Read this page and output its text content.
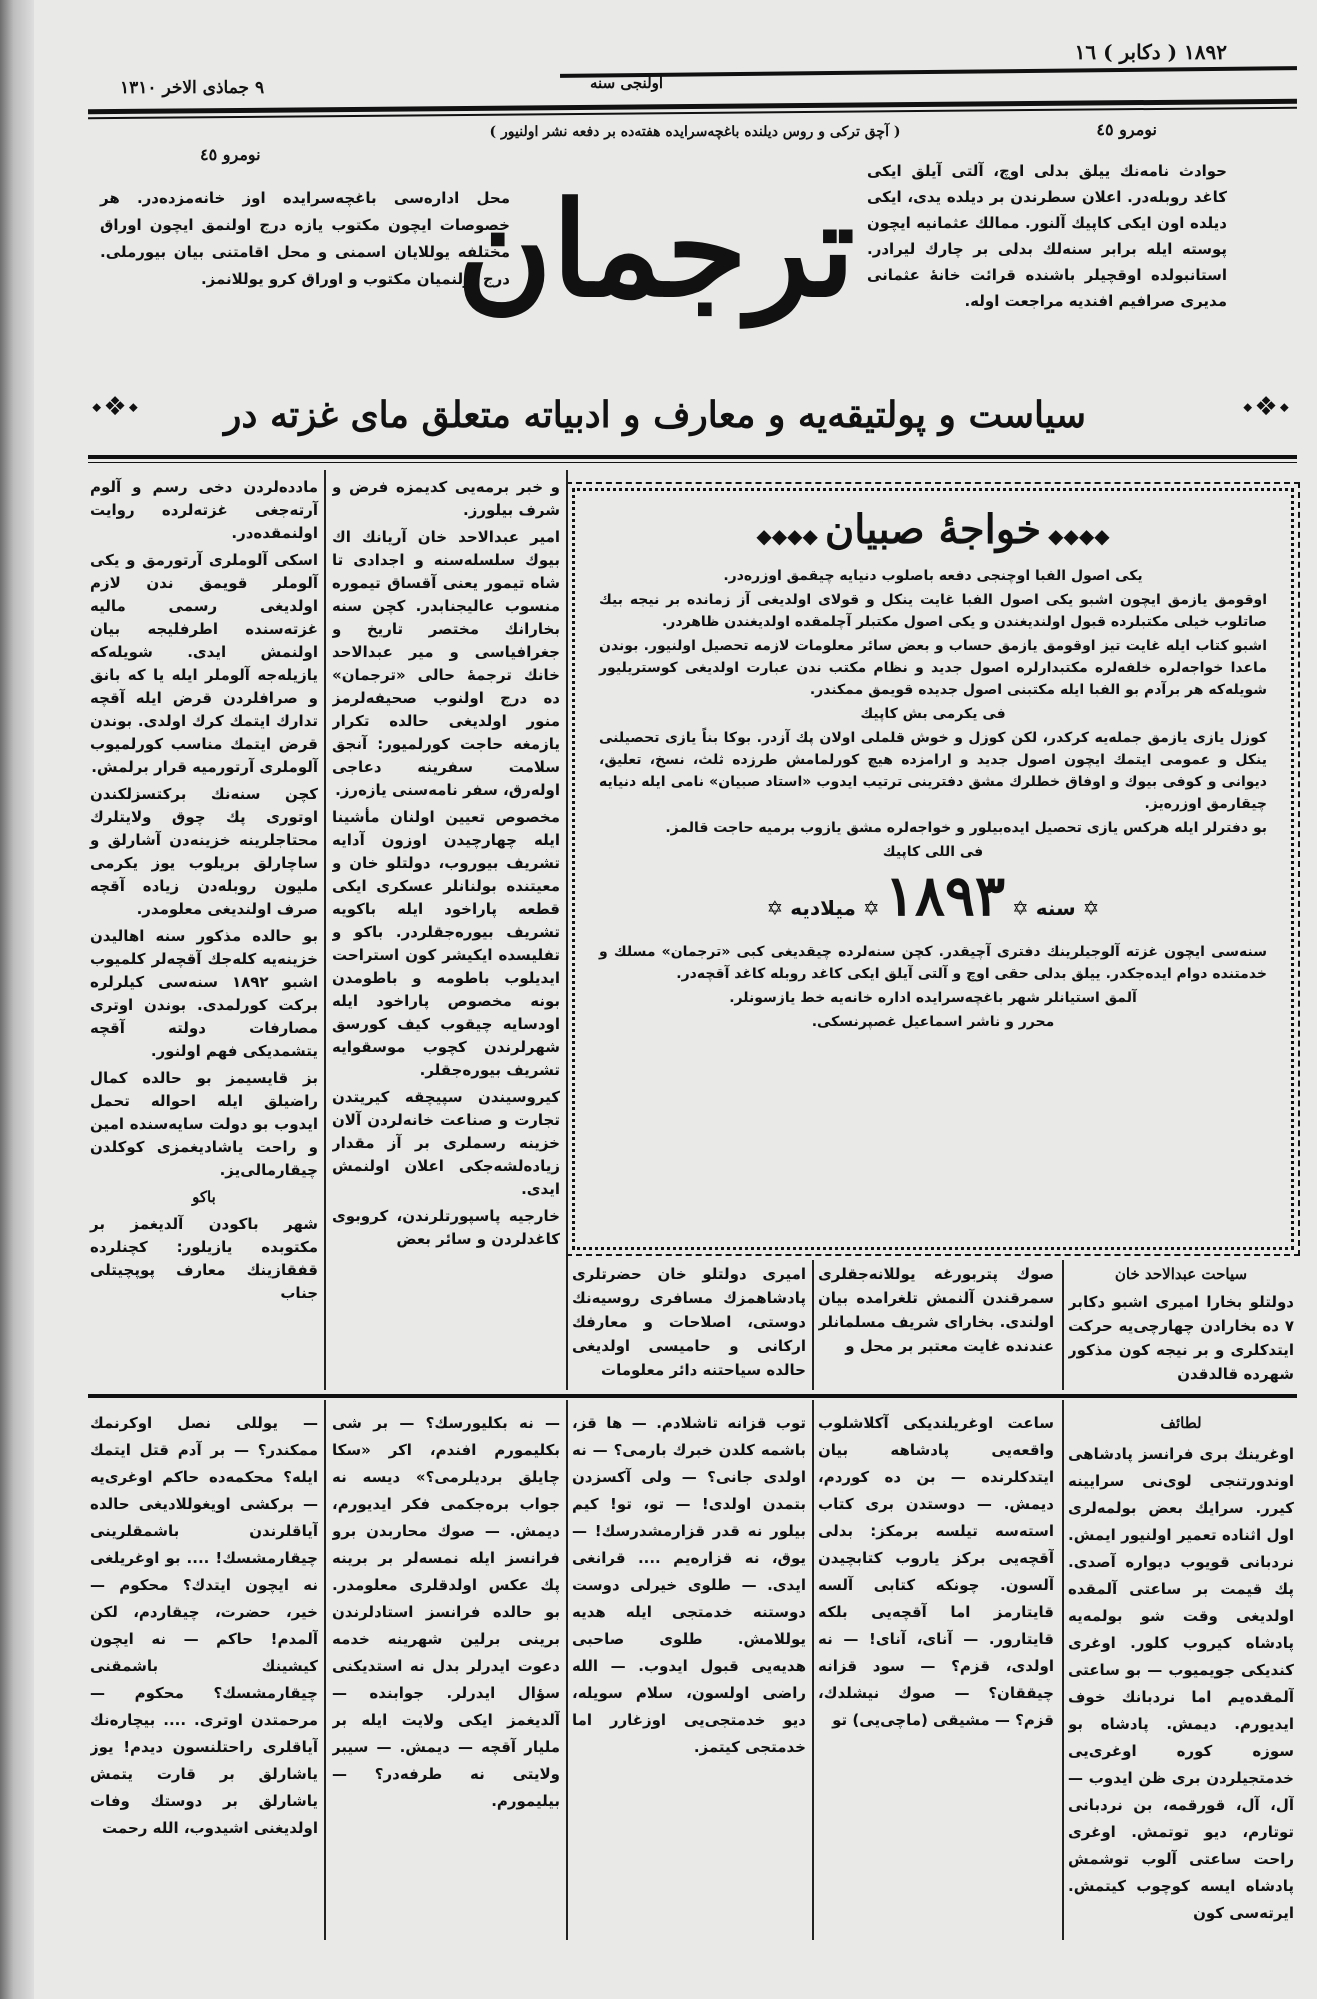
١٨٩٢ ( دكابر ) ١٦
اولنجى سنه
٩ جماذى الاخر ١٣١٠
نومرو ٤٥
( آچق تركى و روس ديلنده باغچه‌سرايده هفته‌ده بر دفعه نشر اولنيور )
نومرو ٤٥
حوادث نامه‌نك ييلق بدلى اوچ، آلتى آيلق ايكى كاغد روبله‌در. اعلان سطرندن بر ديلده يدى، ايكى ديلده اون ايكى كاپيك آلنور. ممالك عثمانيه ايچون پوسته ايله برابر سنه‌لك بدلى بر چارك ليرادر. استانبولده اوقچيلر باشنده قرائت خانهٔ عثمانى مديرى صرافيم افنديه مراجعت اوله.
محل اداره‌سى باغچه‌سرايده اوز خانه‌مزده‌در. هر خصوصات ايچون مكتوب يازه‌ درج اولنمق ايچون اوراق مختلفه يوللايان اسمنى و محل اقامتنى بيان بيورملى. درج اولنميان مكتوب و اوراق كرو يوللانمز.
ترجمان
⬩❖⬩	⬩❖⬩
سياست و پولتيقه‌يه و معارف و ادبياته متعلق ماى غزته در

مادده‌لردن دخى رسم و آلوم آرته‌جغى غزته‌لرده روايت اولنمقده‌در.

اسكى آلوملرى آرتورمق و يكى آلوملر قويمق ندن لازم اولديغى رسمى ماليه غزته‌سنده اطرفليجه بيان اولنمش ايدى. شويله‌كه يازيله‌جه آلوملر ايله يا كه بانق و صرافلردن قرض ايله آقچه تدارك ايتمك كرك اولدى. بوندن قرض ايتمك مناسب كورلميوب آلوملرى آرتورميه قرار برلمش.

كچن سنه‌نك بركتسزلكندن اوتورى پك چوق ولايتلرك محتاجلرينه خزينه‌دن آشارلق و ساچارلق بريلوب يوز يكرمى مليون روبله‌دن زياده آقچه صرف اولنديغى معلومدر.

بو حالده مذكور سنه اهاليدن خزينه‌يه كله‌جك آقچه‌لر كلميوب اشبو ١٨٩٢ سنه‌سى كيلرلره بركت كورلمدى. بوندن اوترى مصارفات دولته آقچه يتشمديكى فهم اولنور.

بز قايسيمز بو حالده كمال راضيلق ايله احواله تحمل ايدوب بو دولت سايه‌سنده امين و راحت ياشاديغمزى كوكلدن چيقارمالى‌يز.

باكو

شهر باكودن آلديغمز بر مكتوبده يازيلور: كچنلرده قفقازينك معارف پوپچيتلى جناب

و خبر برمه‌يى كديمزه فرض و شرف بيلورز.

امير عبدالاحد خان آريانك اك بيوك سلسله‌سنه و اجدادى تا شاه تيمور يعنى آقساق تيموره منسوب عاليجنابدر. كچن سنه بخارانك مختصر تاريخ و جغرافياسى و مير عبدالاحد خانك ترجمهٔ حالى «ترجمان» ده درج اولنوب صحيفه‌لرمز منور اولديغى حالده تكرار يازمغه حاجت كورلميور: آنجق سلامت سفرينه دعاجى اوله‌رق، سفر نامه‌سنى يازه‌رز.

مخصوص تعيين اولنان مأشينا ايله چهارچيدن اوزون آدايه تشريف بيوروب، دولتلو خان و معيتنده بولنانلر عسكرى ايكى قطعه پاراخود ايله باكويه تشريف بيوره‌جقلردر. باكو و تفليسده ايكيشر كون استراحت ايديلوب باطومه و باطومدن بونه مخصوص پاراخود ايله اودسايه چيقوب كيف كورسق شهرلرندن كچوب موسقوايه تشريف بيوره‌جقلر.

كيروسيندن سپيچقه كيريتدن تجارت و صناعت خانه‌لردن آلان خزينه رسملرى بر آز مقدار زياده‌لشه‌جكى اعلان اولنمش ايدى.

خارجيه پاسپورتلرندن، كروبوى كاغدلردن و سائر بعض

◆◆◆◆ خواجهٔ صبيان ◆◆◆◆

يكى اصول الفبا اوچنجى دفعه باصلوب دنيايه چيقمق اوزره‌در.

اوقومق يازمق ايچون اشبو يكى اصول الفبا غايت ينكل و قولاى اولديغى آز زمانده بر نيجه بيك صاتلوب خيلى مكتبلرده قبول اولنديغندن و يكى اصول مكتبلر آچلمقده اولديغندن ظاهردر.

اشبو كتاب ايله غايت تيز اوقومق يازمق حساب و بعض سائر معلومات لازمه تحصيل اولنيور. بوندن ماعدا خواجه‌لره خلفه‌لره مكتبدارلره اصول جديد و نظام مكتب ندن عبارت اولديغى كوستريليور شويله‌كه هر برآدم بو الفبا ايله مكتبنى اصول جديده قويمق ممكندر.

فى يكرمى بش كاپيك

كوزل يازى يازمق جمله‌يه كركدر، لكن كوزل و خوش قلملى اولان پك آزدر. بوكا بناً يازى تحصيلنى ينكل و عمومى ايتمك ايچون اصول جديد و ارامزده هيچ كورلمامش طرزده ثلث، نسخ، تعليق، ديوانى و كوفى بيوك و اوفاق خطلرك مشق دفترينى ترتيب ايدوب «استاد صبيان» نامى ايله دنيايه چيقارمق اوزره‌يز.

بو دفترلر ايله هركس يازى تحصيل ايده‌بيلور و خواجه‌لره مشق يازوب برميه حاجت قالمز.

فى اللى كاپيك

✡ سنه ✡ ١٨٩٣ ✡ ميلاديه ✡

سنه‌سى ايچون غزته آلوجيلرينك دفترى آچيقدر. كچن سنه‌لرده چيقديغى كبى «ترجمان» مسلك و خدمتنده دوام ايده‌جكدر. ييلق بدلى حقى اوچ و آلتى آيلق ايكى كاغد روبله كاغد آقچه‌در.

آلمق استيانلر شهر باغچه‌سرايده اداره خانه‌يه خط يازسونلر.

محرر و ناشر اسماعيل غصپرنسكى.

سياحت عبدالاحد خان

دولتلو بخارا اميرى اشبو دكابر ٧ ده بخارادن چهارچى‌يه حركت ايتدكلرى و بر نيجه كون مذكور شهرده قالدقدن

صوك پتربورغه يوللانه‌جقلرى سمرقندن آلنمش تلغرامده بيان اولندى. بخاراى شريف مسلمانلر عندنده غايت معتبر بر محل و

اميرى دولتلو خان حضرتلرى پادشاهمزك مسافرى روسيه‌نك دوستى، اصلاحات و معارفك اركانى و حاميسى اولديغى حالده سياحتنه دائر معلومات

لطائف

اوغرينك برى فرانسز پادشاهى اوندورتنجى لوى‌نى سرايينه كيرر. سرايك بعض بولمه‌لرى اول اثناده تعمير اولنيور ايمش. نردبانى قويوب ديواره آصدى. پك قيمت بر ساعتى آلمقده اولديغى وقت شو بولمه‌يه پادشاه كيروب كلور. اوغرى كنديكى جويميوب — بو ساعتى آلمقده‌يم اما نردبانك خوف ايديورم. ديمش. پادشاه بو سوزه كوره اوغرى‌يى خدمتجيلردن برى ظن ايدوب — آل، آل، قورقمه، بن نردبانى توتارم، ديو توتمش. اوغرى راحت ساعتى آلوب توشمش پادشاه ايسه كوچوب كيتمش. ايرته‌سى كون

ساعت اوغريلنديكى آكلاشلوب واقعه‌يى پادشاهه بيان ايتدكلرنده — بن ده كوردم، ديمش. — دوستدن برى كتاب استه‌سه تيلسه برمكز: بدلى آقچه‌يى بركز ياروب كتابچيدن آلسون. چونكه كتابى آلسه قايتارمز اما آقچه‌يى بلكه قايتارور. — آناى، آناى! — نه اولدى، قزم؟ — سود قزانه چيققان؟ — صوك نيشلدك، قزم؟ — مشيقى (ماچى‌يى) تو

توب قزانه تاشلادم. — ها قز، باشمه كلدن خبرك بارمى؟ — نه اولدى جانى؟ — ولى آكسزدن بتمدن اولدى! — تو، تو! كيم بيلور نه قدر قزارمشدرسك! — يوق، نه قزاره‌يم .... قرانغى ايدى. — طلوى خيرلى دوست دوستنه خدمتجى ايله هديه يوللامش. طلوى صاحبى هديه‌يى قبول ايدوب. — الله راضى اولسون، سلام سويله، ديو خدمتجى‌يى اوزغارر اما خدمتجى كيتمز.

— نه بكليورسك؟ — بر شى بكليمورم افندم، اكر «سكا چايلق برديلرمى؟» ديسه نه جواب بره‌جكمى فكر ايديورم، ديمش. — صوك محاربدن برو فرانسز ايله نمسه‌لر بر برينه پك عكس اولدقلرى معلومدر. بو حالده فرانسز استادلرندن برينى برلين شهرينه خدمه دعوت ايدرلر بدل نه استديكنى سؤال ايدرلر. جوابنده — آلديغمز ايكى ولايت ايله بر مليار آقچه — ديمش. — سيبر ولايتى نه طرفه‌در؟ — بيليمورم.

— يوللى نصل اوكرنمك ممكندر؟ — بر آدم قتل ايتمك ايله؟ محكمه‌ده حاكم اوغرى‌يه — بركشى اويغوللاديغى حالده آياقلرندن باشمقلرينى چيقارمشسك! .... بو اوغريلغى نه ايچون ايتدك؟ محكوم — خير، حضرت، چيقاردم، لكن آلمدم! حاكم — نه ايچون كيشينك باشمقنى چيقارمشسك؟ محكوم — مرحمتدن اوترى. .... بيچاره‌نك آياقلرى راحتلنسون ديدم! يوز ياشارلق بر قارت يتمش ياشارلق بر دوستك وفات اولديغنى اشيدوب، الله رحمت
